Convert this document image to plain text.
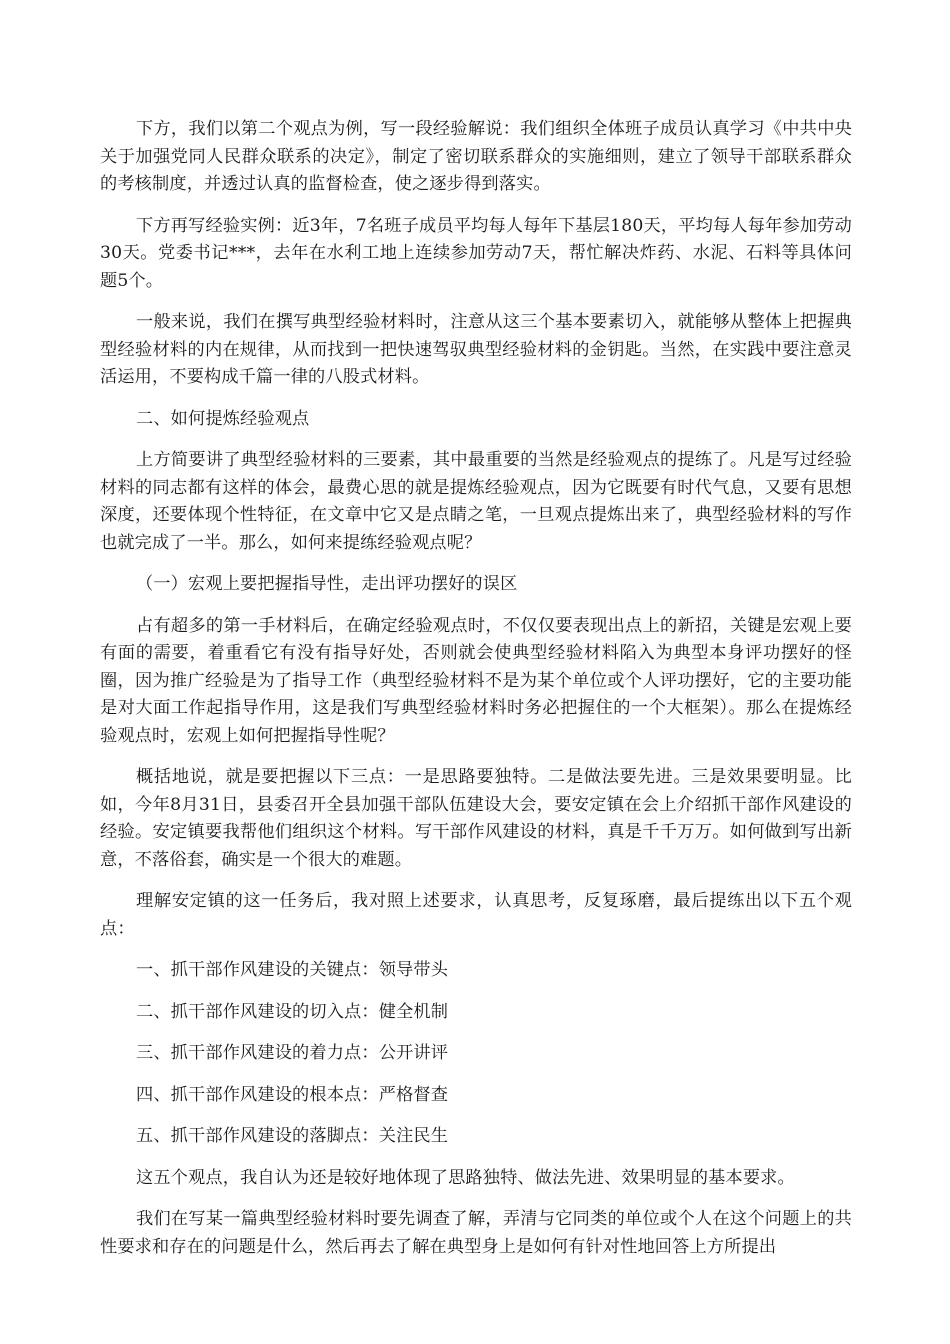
下方，我们以第二个观点为例，写一段经验解说：我们组织全体班子成员认真学习《中共中央关于加强党同人民群众联系的决定》，制定了密切联系群众的实施细则，建立了领导干部联系群众的考核制度，并透过认真的监督检查，使之逐步得到落实。

下方再写经验实例：近3年，7名班子成员平均每人每年下基层180天，平均每人每年参加劳动30天。党委书记***，去年在水利工地上连续参加劳动7天，帮忙解决炸药、水泥、石料等具体问题5个。

一般来说，我们在撰写典型经验材料时，注意从这三个基本要素切入，就能够从整体上把握典型经验材料的内在规律，从而找到一把快速驾驭典型经验材料的金钥匙。当然，在实践中要注意灵活运用，不要构成千篇一律的八股式材料。

二、如何提炼经验观点

上方简要讲了典型经验材料的三要素，其中最重要的当然是经验观点的提练了。凡是写过经验材料的同志都有这样的体会，最费心思的就是提炼经验观点，因为它既要有时代气息，又要有思想深度，还要体现个性特征，在文章中它又是点睛之笔，一旦观点提炼出来了，典型经验材料的写作也就完成了一半。那么，如何来提练经验观点呢？

（一）宏观上要把握指导性，走出评功摆好的误区

占有超多的第一手材料后，在确定经验观点时，不仅仅要表现出点上的新招，关键是宏观上要有面的需要，着重看它有没有指导好处，否则就会使典型经验材料陷入为典型本身评功摆好的怪圈，因为推广经验是为了指导工作（典型经验材料不是为某个单位或个人评功摆好，它的主要功能是对大面工作起指导作用，这是我们写典型经验材料时务必把握住的一个大框架）。那么在提炼经验观点时，宏观上如何把握指导性呢？

概括地说，就是要把握以下三点：一是思路要独特。二是做法要先进。三是效果要明显。比如，今年8月31日，县委召开全县加强干部队伍建设大会，要安定镇在会上介绍抓干部作风建设的经验。安定镇要我帮他们组织这个材料。写干部作风建设的材料，真是千千万万。如何做到写出新意，不落俗套，确实是一个很大的难题。

理解安定镇的这一任务后，我对照上述要求，认真思考，反复琢磨，最后提练出以下五个观点：

一、抓干部作风建设的关键点：领导带头

二、抓干部作风建设的切入点：健全机制

三、抓干部作风建设的着力点：公开讲评

四、抓干部作风建设的根本点：严格督查

五、抓干部作风建设的落脚点：关注民生

这五个观点，我自认为还是较好地体现了思路独特、做法先进、效果明显的基本要求。

我们在写某一篇典型经验材料时要先调查了解，弄清与它同类的单位或个人在这个问题上的共性要求和存在的问题是什么，然后再去了解在典型身上是如何有针对性地回答上方所提出
